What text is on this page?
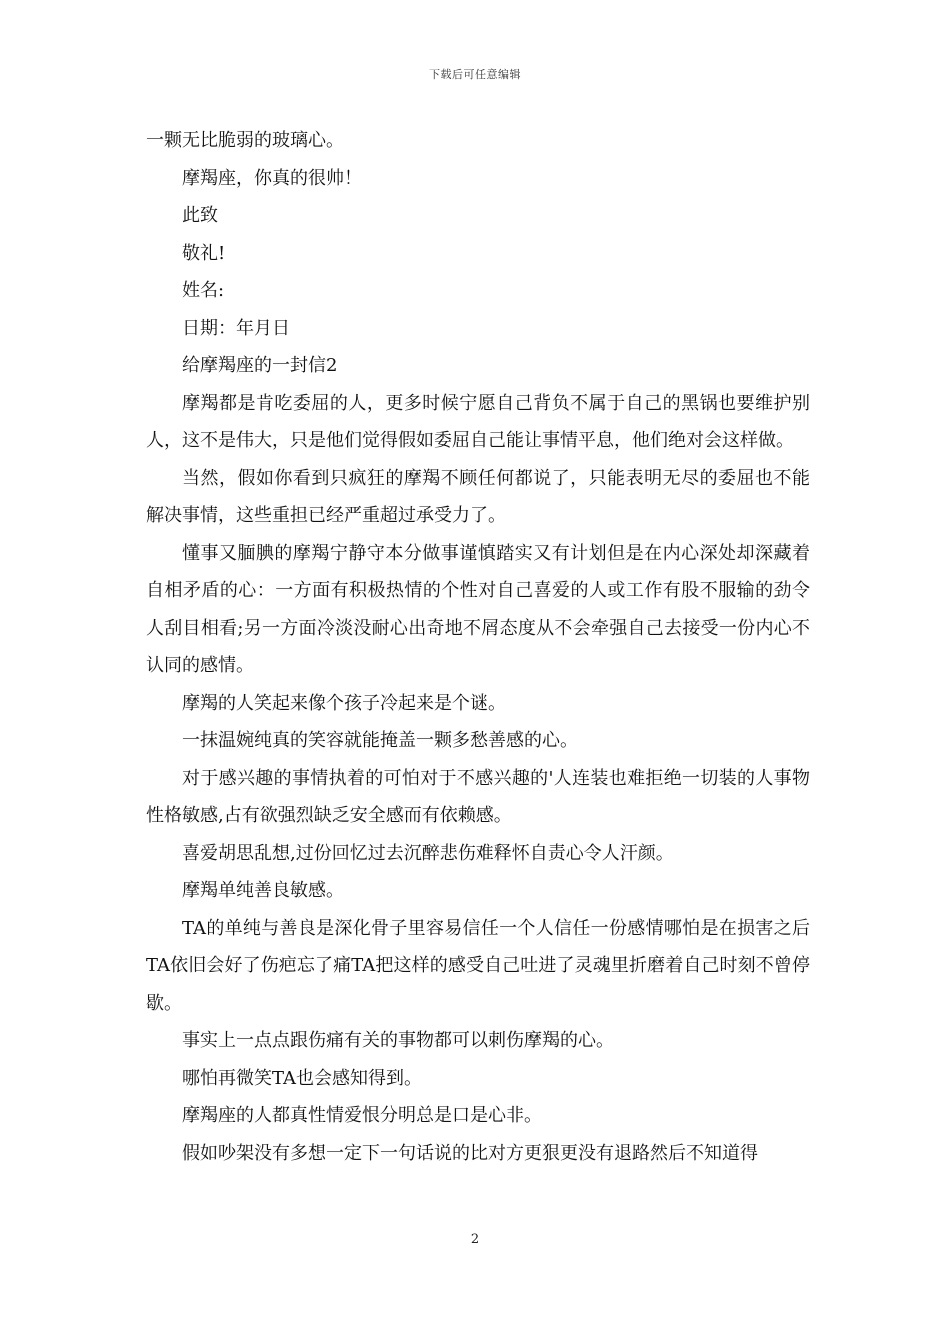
下载后可任意编辑

一颗无比脆弱的玻璃心。

摩羯座，你真的很帅！

此致

敬礼!

姓名:

日期：年月日

给摩羯座的一封信2

摩羯都是肯吃委屈的人，更多时候宁愿自己背负不属于自己的黑锅也要维护别人，这不是伟大，只是他们觉得假如委屈自己能让事情平息，他们绝对会这样做。

当然，假如你看到只疯狂的摩羯不顾任何都说了，只能表明无尽的委屈也不能解决事情，这些重担已经严重超过承受力了。

懂事又腼腆的摩羯宁静守本分做事谨慎踏实又有计划但是在内心深处却深藏着自相矛盾的心：一方面有积极热情的个性对自己喜爱的人或工作有股不服输的劲令人刮目相看;另一方面冷淡没耐心出奇地不屑态度从不会牵强自己去接受一份内心不认同的感情。

摩羯的人笑起来像个孩子冷起来是个谜。

一抹温婉纯真的笑容就能掩盖一颗多愁善感的心。

对于感兴趣的事情执着的可怕对于不感兴趣的'人连装也难拒绝一切装的人事物性格敏感,占有欲强烈缺乏安全感而有依赖感。

喜爱胡思乱想,过份回忆过去沉醉悲伤难释怀自责心令人汗颜。

摩羯单纯善良敏感。

TA的单纯与善良是深化骨子里容易信任一个人信任一份感情哪怕是在损害之后TA依旧会好了伤疤忘了痛TA把这样的感受自己吐进了灵魂里折磨着自己时刻不曾停歇。

事实上一点点跟伤痛有关的事物都可以刺伤摩羯的心。

哪怕再微笑TA也会感知得到。

摩羯座的人都真性情爱恨分明总是口是心非。

假如吵架没有多想一定下一句话说的比对方更狠更没有退路然后不知道得

2
